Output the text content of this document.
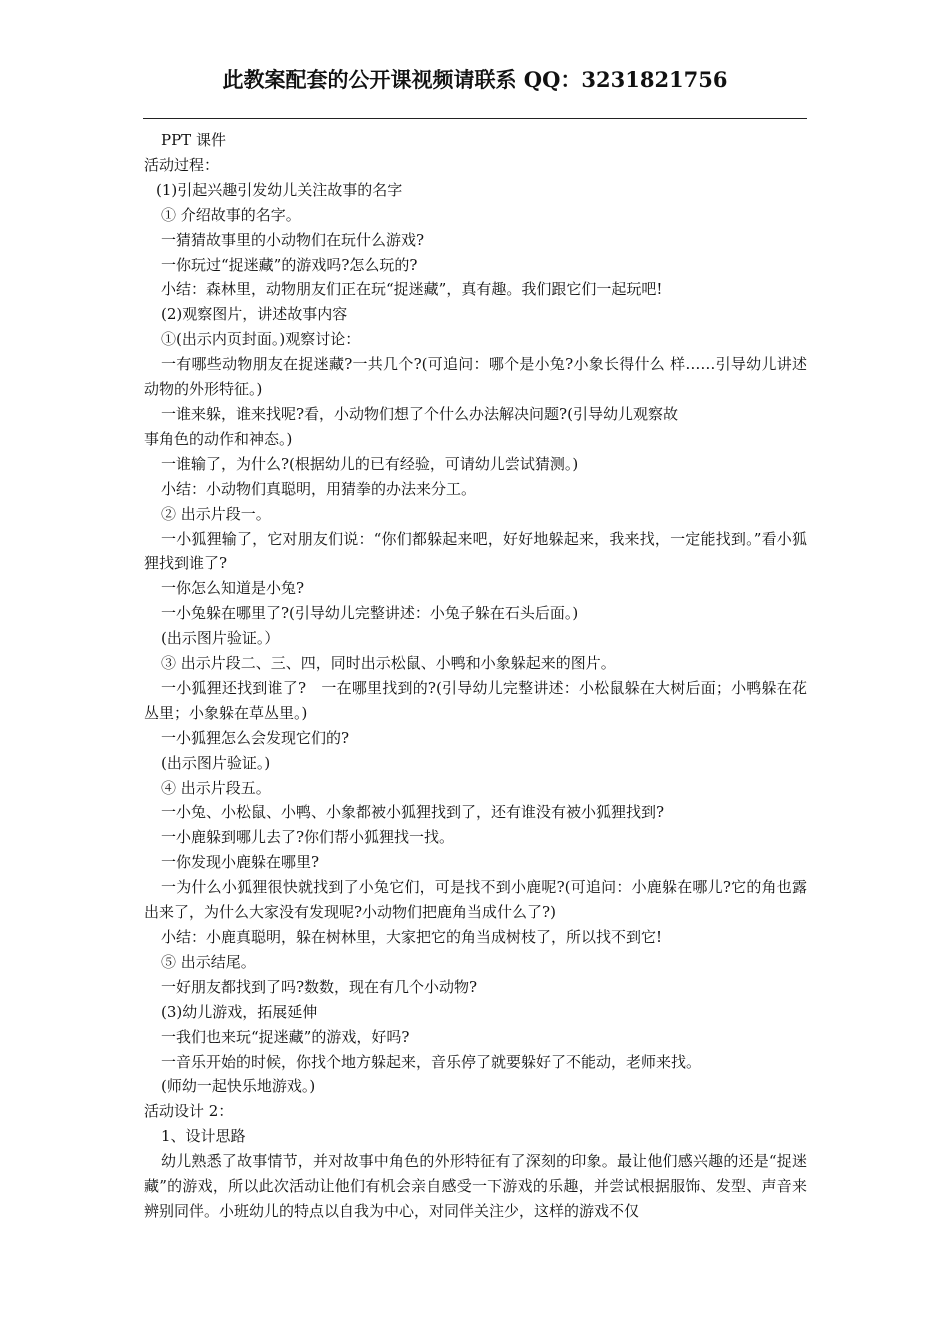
此教案配套的公开课视频请联系 QQ：3231821756

PPT 课件

活动过程：

(1)引起兴趣引发幼儿关注故事的名字

① 介绍故事的名字。

一猜猜故事里的小动物们在玩什么游戏?

一你玩过“捉迷藏”的游戏吗?怎么玩的?

小结：森林里，动物朋友们正在玩“捉迷藏”，真有趣。我们跟它们一起玩吧!

(2)观察图片，讲述故事内容

①(出示内页封面。)观察讨论：

一有哪些动物朋友在捉迷藏?一共几个?(可追问：哪个是小兔?小象长得什么 样……引导幼儿讲述动物的外形特征。)

一谁来躲，谁来找呢?看，小动物们想了个什么办法解决问题?(引导幼儿观察故

事角色的动作和神态。)

一谁输了，为什么?(根据幼儿的已有经验，可请幼儿尝试猜测。)

小结：小动物们真聪明，用猜拳的办法来分工。

② 出示片段一。

一小狐狸输了，它对朋友们说：“你们都躲起来吧，好好地躲起来，我来找，一定能找到。”看小狐狸找到谁了?

一你怎么知道是小兔?

一小兔躲在哪里了?(引导幼儿完整讲述：小兔子躲在石头后面。)

(出示图片验证。）

③ 出示片段二、三、四，同时出示松鼠、小鸭和小象躲起来的图片。

一小狐狸还找到谁了?　一在哪里找到的?(引导幼儿完整讲述：小松鼠躲在大树后面；小鸭躲在花丛里；小象躲在草丛里。)

一小狐狸怎么会发现它们的?

(出示图片验证。)

④ 出示片段五。

一小兔、小松鼠、小鸭、小象都被小狐狸找到了，还有谁没有被小狐狸找到?

一小鹿躲到哪儿去了?你们帮小狐狸找一找。

一你发现小鹿躲在哪里?

一为什么小狐狸很快就找到了小兔它们，可是找不到小鹿呢?(可追问：小鹿躲在哪儿?它的角也露出来了，为什么大家没有发现呢?小动物们把鹿角当成什么了?)

小结：小鹿真聪明，躲在树林里，大家把它的角当成树枝了，所以找不到它!

⑤ 出示结尾。

一好朋友都找到了吗?数数，现在有几个小动物?

(3)幼儿游戏，拓展延伸

一我们也来玩“捉迷藏”的游戏，好吗?

一音乐开始的时候，你找个地方躲起来，音乐停了就要躲好了不能动，老师来找。

(师幼一起快乐地游戏。)

活动设计 2：

1、设计思路

幼儿熟悉了故事情节，并对故事中角色的外形特征有了深刻的印象。最让他们感兴趣的还是“捉迷藏”的游戏，所以此次活动让他们有机会亲自感受一下游戏的乐趣，并尝试根据服饰、发型、声音来辨别同伴。小班幼儿的特点以自我为中心，对同伴关注少，这样的游戏不仅
